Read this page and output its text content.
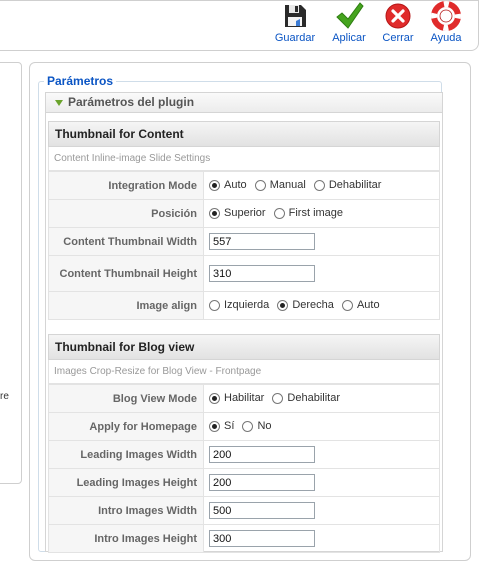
Guardar Aplicar	Cerrar	Ayuda
re
Parámetros
Parámetros del plugin
Thumbnail for Content
Content Inline-image Slide Settings
Integration Mode	Auto Manual Dehabilitar
Posición	Superior First image
Content Thumbnail Width	557
Content Thumbnail Height	310
Image align	Izquierda Derecha Auto
Thumbnail for Blog view
Images Crop-Resize for Blog View - Frontpage
Blog View Mode	Habilitar Dehabilitar
Apply for Homepage	Sí No
Leading Images Width	200
Leading Images Height	200
Intro Images Width	500
Intro Images Height	300
